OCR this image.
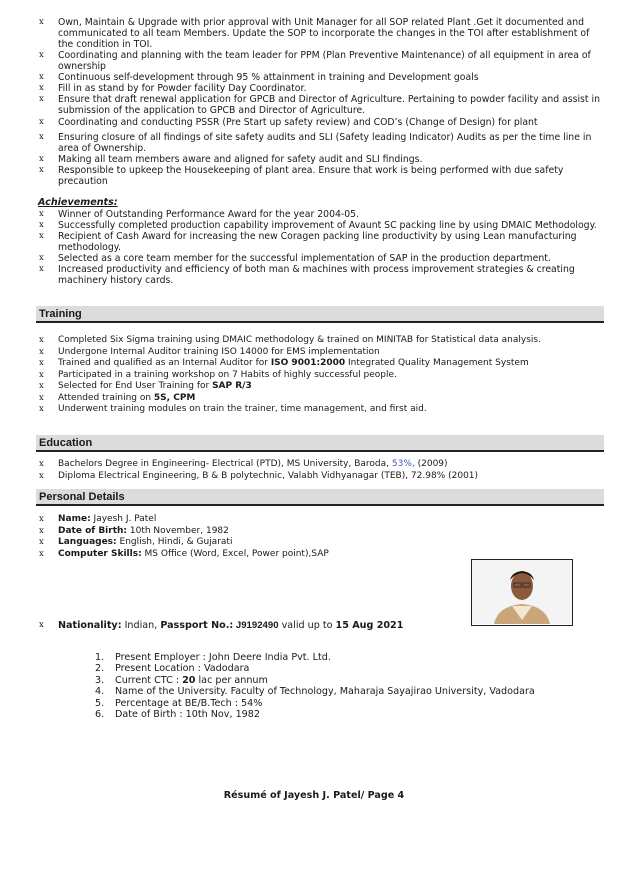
x Own, Maintain & Upgrade with prior approval with Unit Manager for all SOP related Plant .Get it documented and communicated to all team Members. Update the SOP to incorporate the changes in the TOI after establishment of the condition in TOI.
x Coordinating and planning with the team leader for PPM (Plan Preventive Maintenance) of all equipment in area of ownership
x Continuous self-development through 95 % attainment in training and Development goals
x Fill in as stand by for Powder facility Day Coordinator.
x Ensure that draft renewal application for GPCB and Director of Agriculture. Pertaining to powder facility and assist in submission of the application to GPCB and Director of Agriculture.
x Coordinating and conducting PSSR (Pre Start up safety review) and COD’s (Change of Design) for plant
x Ensuring closure of all findings of site safety audits and SLI (Safety leading Indicator) Audits as per the time line in area of Ownership.
x Making all team members aware and aligned for safety audit and SLI findings.
x Responsible to upkeep the Housekeeping of plant area. Ensure that work is being performed with due safety precaution
Achievements:
x Winner of Outstanding Performance Award for the year 2004-05.
x Successfully completed production capability improvement of Avaunt SC packing line by using DMAIC Methodology.
x Recipient of Cash Award for increasing the new Coragen packing line productivity by using Lean manufacturing methodology.
x Selected as a core team member for the successful implementation of SAP in the production department.
x Increased productivity and efficiency of both man & machines with process improvement strategies & creating machinery history cards.
Training
x Completed Six Sigma training using DMAIC methodology & trained on MINITAB for Statistical data analysis.
x Undergone Internal Auditor training ISO 14000 for EMS implementation
x Trained and qualified as an Internal Auditor for ISO 9001:2000 Integrated Quality Management System
x Participated in a training workshop on 7 Habits of highly successful people.
x Selected for End User Training for SAP R/3
x Attended training on 5S, CPM
x Underwent training modules on train the trainer, time management, and first aid.
Education
x Bachelors Degree in Engineering- Electrical (PTD), MS University, Baroda, 53%, (2009)
x Diploma Electrical Engineering, B & B polytechnic, Valabh Vidhyanagar (TEB), 72.98% (2001)
Personal Details
x Name: Jayesh J. Patel
x Date of Birth: 10th November, 1982
x Languages: English, Hindi, & Gujarati
x Computer Skills: MS Office (Word, Excel, Power point),SAP
x Nationality: Indian, Passport No.: J9192490 valid up to 15 Aug 2021
1. Present Employer : John Deere India Pvt. Ltd.
2. Present Location : Vadodara
3. Current CTC : 20 lac per annum
4. Name of the University. Faculty of Technology, Maharaja Sayajirao University, Vadodara
5. Percentage at BE/B.Tech : 54%
6. Date of Birth : 10th Nov, 1982
Résumé of Jayesh J. Patel/ Page 4
